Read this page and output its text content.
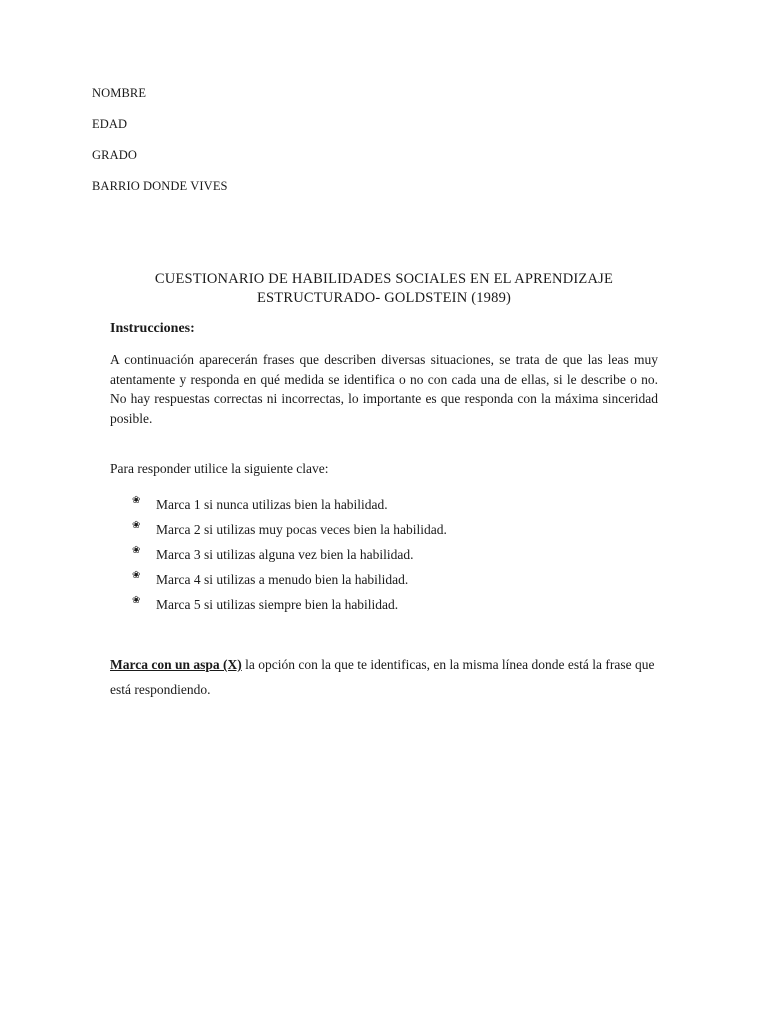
NOMBRE
EDAD
GRADO
BARRIO DONDE VIVES
CUESTIONARIO DE HABILIDADES SOCIALES EN EL APRENDIZAJE
ESTRUCTURADO- GOLDSTEIN (1989)
Instrucciones:
A continuación aparecerán frases que describen diversas situaciones, se trata de que las leas muy atentamente y responda en qué medida se identifica o no con cada una de ellas, si le describe o no. No hay respuestas correctas ni incorrectas, lo importante es que responda con la máxima sinceridad posible.
Para responder utilice la siguiente clave:
❀	Marca 1 si nunca utilizas bien la habilidad.
❀	Marca 2 si utilizas muy pocas veces bien la habilidad.
❀	Marca 3 si utilizas alguna vez bien la habilidad.
❀	Marca 4 si utilizas a menudo bien la habilidad.
❀	Marca 5 si utilizas siempre bien la habilidad.
Marca con un aspa (X) la opción con la que te identificas, en la misma línea donde está la frase que está respondiendo.
